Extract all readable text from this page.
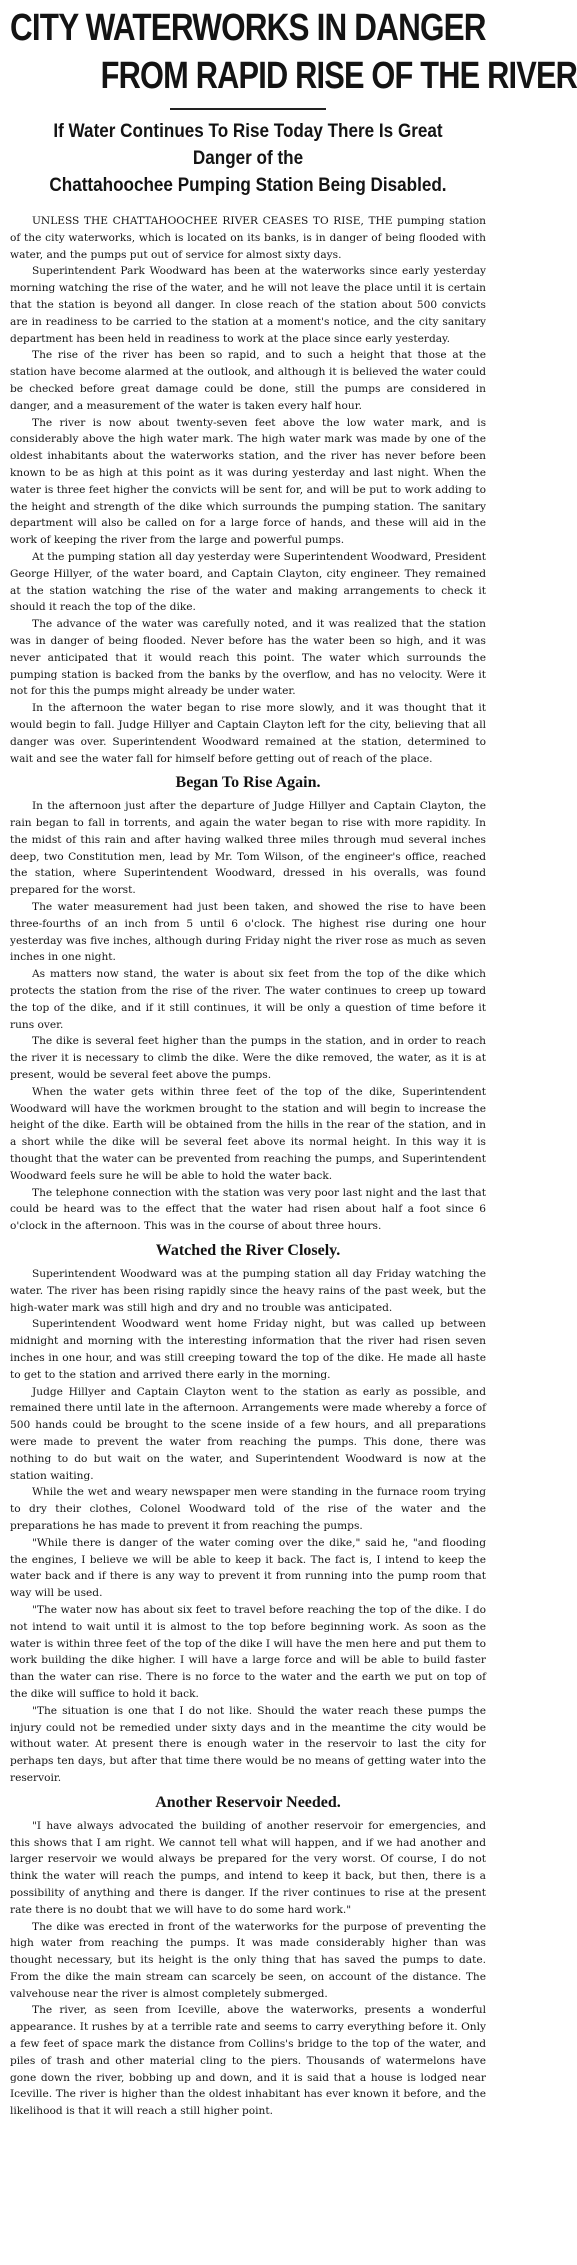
CITY WATERWORKS IN DANGER
FROM RAPID RISE OF THE RIVER
If Water Continues To Rise Today There Is Great Danger of the
Chattahoochee Pumping Station Being Disabled.

UNLESS THE CHATTAHOOCHEE RIVER CEASES TO RISE, THE pumping station of the city waterworks, which is located on its banks, is in danger of being flooded with water, and the pumps put out of service for almost sixty days.

Superintendent Park Woodward has been at the waterworks since early yesterday morning watching the rise of the water, and he will not leave the place until it is certain that the station is beyond all danger. In close reach of the station about 500 convicts are in readiness to be carried to the station at a moment's notice, and the city sanitary department has been held in readiness to work at the place since early yesterday.

The rise of the river has been so rapid, and to such a height that those at the station have become alarmed at the outlook, and although it is believed the water could be checked before great damage could be done, still the pumps are considered in danger, and a measurement of the water is taken every half hour.

The river is now about twenty-seven feet above the low water mark, and is considerably above the high water mark. The high water mark was made by one of the oldest inhabitants about the waterworks station, and the river has never before been known to be as high at this point as it was during yesterday and last night. When the water is three feet higher the convicts will be sent for, and will be put to work adding to the height and strength of the dike which surrounds the pumping station. The sanitary department will also be called on for a large force of hands, and these will aid in the work of keeping the river from the large and powerful pumps.

At the pumping station all day yesterday were Superintendent Woodward, President George Hillyer, of the water board, and Captain Clayton, city engineer. They remained at the station watching the rise of the water and making arrangements to check it should it reach the top of the dike.

The advance of the water was carefully noted, and it was realized that the station was in danger of being flooded. Never before has the water been so high, and it was never anticipated that it would reach this point. The water which surrounds the pumping station is backed from the banks by the overflow, and has no velocity. Were it not for this the pumps might already be under water.

In the afternoon the water began to rise more slowly, and it was thought that it would begin to fall. Judge Hillyer and Captain Clayton left for the city, believing that all danger was over. Superintendent Woodward remained at the station, determined to wait and see the water fall for himself before getting out of reach of the place.

Began To Rise Again.

In the afternoon just after the departure of Judge Hillyer and Captain Clayton, the rain began to fall in torrents, and again the water began to rise with more rapidity. In the midst of this rain and after having walked three miles through mud several inches deep, two Constitution men, lead by Mr. Tom Wilson, of the engineer's office, reached the station, where Superintendent Woodward, dressed in his overalls, was found prepared for the worst.

The water measurement had just been taken, and showed the rise to have been three-fourths of an inch from 5 until 6 o'clock. The highest rise during one hour yesterday was five inches, although during Friday night the river rose as much as seven inches in one night.

As matters now stand, the water is about six feet from the top of the dike which protects the station from the rise of the river. The water continues to creep up toward the top of the dike, and if it still continues, it will be only a question of time before it runs over.

The dike is several feet higher than the pumps in the station, and in order to reach the river it is necessary to climb the dike. Were the dike removed, the water, as it is at present, would be several feet above the pumps.

When the water gets within three feet of the top of the dike, Superintendent Woodward will have the workmen brought to the station and will begin to increase the height of the dike. Earth will be obtained from the hills in the rear of the station, and in a short while the dike will be several feet above its normal height. In this way it is thought that the water can be prevented from reaching the pumps, and Superintendent Woodward feels sure he will be able to hold the water back.

The telephone connection with the station was very poor last night and the last that could be heard was to the effect that the water had risen about half a foot since 6 o'clock in the afternoon. This was in the course of about three hours.

Watched the River Closely.

Superintendent Woodward was at the pumping station all day Friday watching the water. The river has been rising rapidly since the heavy rains of the past week, but the high-water mark was still high and dry and no trouble was anticipated.

Superintendent Woodward went home Friday night, but was called up between midnight and morning with the interesting information that the river had risen seven inches in one hour, and was still creeping toward the top of the dike. He made all haste to get to the station and arrived there early in the morning.

Judge Hillyer and Captain Clayton went to the station as early as possible, and remained there until late in the afternoon. Arrangements were made whereby a force of 500 hands could be brought to the scene inside of a few hours, and all preparations were made to prevent the water from reaching the pumps. This done, there was nothing to do but wait on the water, and Superintendent Woodward is now at the station waiting.

While the wet and weary newspaper men were standing in the furnace room trying to dry their clothes, Colonel Woodward told of the rise of the water and the preparations he has made to prevent it from reaching the pumps.

"While there is danger of the water coming over the dike," said he, "and flooding the engines, I believe we will be able to keep it back. The fact is, I intend to keep the water back and if there is any way to prevent it from running into the pump room that way will be used.

"The water now has about six feet to travel before reaching the top of the dike. I do not intend to wait until it is almost to the top before beginning work. As soon as the water is within three feet of the top of the dike I will have the men here and put them to work building the dike higher. I will have a large force and will be able to build faster than the water can rise. There is no force to the water and the earth we put on top of the dike will suffice to hold it back.

"The situation is one that I do not like. Should the water reach these pumps the injury could not be remedied under sixty days and in the meantime the city would be without water. At present there is enough water in the reservoir to last the city for perhaps ten days, but after that time there would be no means of getting water into the reservoir.

Another Reservoir Needed.

"I have always advocated the building of another reservoir for emergencies, and this shows that I am right. We cannot tell what will happen, and if we had another and larger reservoir we would always be prepared for the very worst. Of course, I do not think the water will reach the pumps, and intend to keep it back, but then, there is a possibility of anything and there is danger. If the river continues to rise at the present rate there is no doubt that we will have to do some hard work."

The dike was erected in front of the waterworks for the purpose of preventing the high water from reaching the pumps. It was made considerably higher than was thought necessary, but its height is the only thing that has saved the pumps to date. From the dike the main stream can scarcely be seen, on account of the distance. The valvehouse near the river is almost completely submerged.

The river, as seen from Iceville, above the waterworks, presents a wonderful appearance. It rushes by at a terrible rate and seems to carry everything before it. Only a few feet of space mark the distance from Collins's bridge to the top of the water, and piles of trash and other material cling to the piers. Thousands of watermelons have gone down the river, bobbing up and down, and it is said that a house is lodged near Iceville. The river is higher than the oldest inhabitant has ever known it before, and the likelihood is that it will reach a still higher point.
